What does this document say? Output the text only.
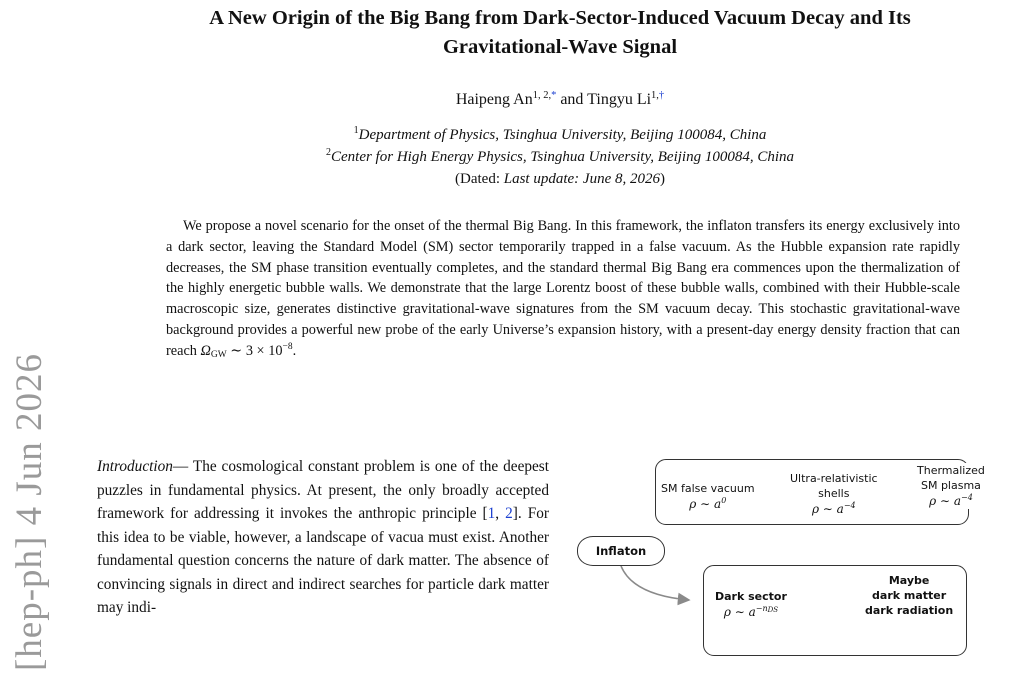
[hep-ph] 4 Jun 2026
A New Origin of the Big Bang from Dark-Sector-Induced Vacuum Decay and Its
Gravitational-Wave Signal
Haipeng $An^{1, 2,*}$ and Tingyu $Li^{1,\dagger}$
$^1$Department of Physics, Tsinghua University, Beijing 100084, China
$^2$Center for High Energy Physics, Tsinghua University, Beijing 100084, China
(Dated: Last update: June 8, 2026)
We propose a novel scenario for the onset of the thermal Big Bang. In this framework, the inflaton transfers its energy exclusively into a dark sector, leaving the Standard Model (SM) sector temporarily trapped in a false vacuum. As the Hubble expansion rate rapidly decreases, the SM phase transition eventually completes, and the standard thermal Big Bang era commences upon the thermalization of the highly energetic bubble walls. We demonstrate that the large Lorentz boost of these bubble walls, combined with their Hubble-scale macroscopic size, generates distinctive gravitational-wave signatures from the SM vacuum decay. This stochastic gravitational-wave background provides a powerful new probe of the early Universe’s expansion history, with a present-day energy density fraction that can reach $\Omega_{GW}$ ∼ $3 \times 10^{-8}$.
Introduction— The cosmological constant problem is one of the deepest puzzles in fundamental physics. At present, the only broadly accepted framework for addressing it invokes the anthropic principle [1, 2]. For this idea to be viable, however, a landscape of vacua must exist. Another fundamental question concerns the nature of dark matter. The absence of convincing signals in direct and indirect searches for particle dark matter may indi-
SM false vacuum
ρ ∼ $a^0$
Ultra-relativistic
shells
ρ ∼ $a^{-4}$
Thermalized
SM plasma
ρ ∼ $a^{-4}$
Inflaton
Dark sector
ρ ∼ $a^{-n_{DS}}$
Maybe
dark matter
dark radiation
